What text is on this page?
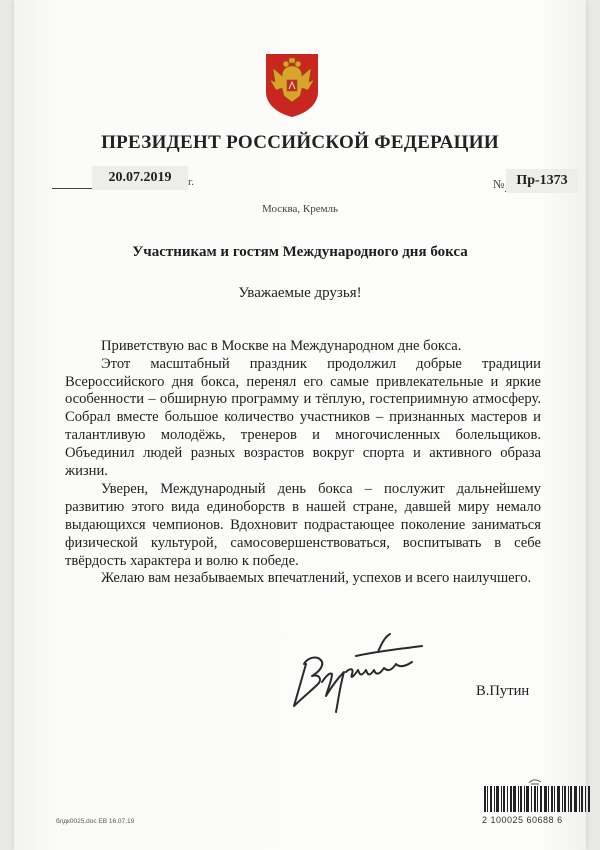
ПРЕЗИДЕНТ РОССИЙСКОЙ ФЕДЕРАЦИИ
20.07.2019	г.	№ Пр-1373
Москва, Кремль
Участникам и гостям Международного дня бокса
Уважаемые друзья!

Приветствую вас в Москве на Международном дне бокса.

Этот масштабный праздник продолжил добрые традиции Всероссийского дня бокса, перенял его самые привлекательные и яркие особенности – обширную программу и тёплую, гостеприимную атмосферу. Собрал вместе большое количество участников – признанных мастеров и талантливую молодёжь, тренеров и многочисленных болельщиков. Объединил людей разных возрастов вокруг спорта и активного образа жизни.

Уверен, Международный день бокса – послужит дальнейшему развитию этого вида единоборств в нашей стране, давшей миру немало выдающихся чемпионов. Вдохновит подрастающее поколение заниматься физической культурой, самосовершенствоваться, воспитывать в себе твёрдость характера и волю к победе.

Желаю вам незабываемых впечатлений, успехов и всего наилучшего.

В.Путин
блдк0025.doc ЕВ 16.07.19	2 100025 60688 6
